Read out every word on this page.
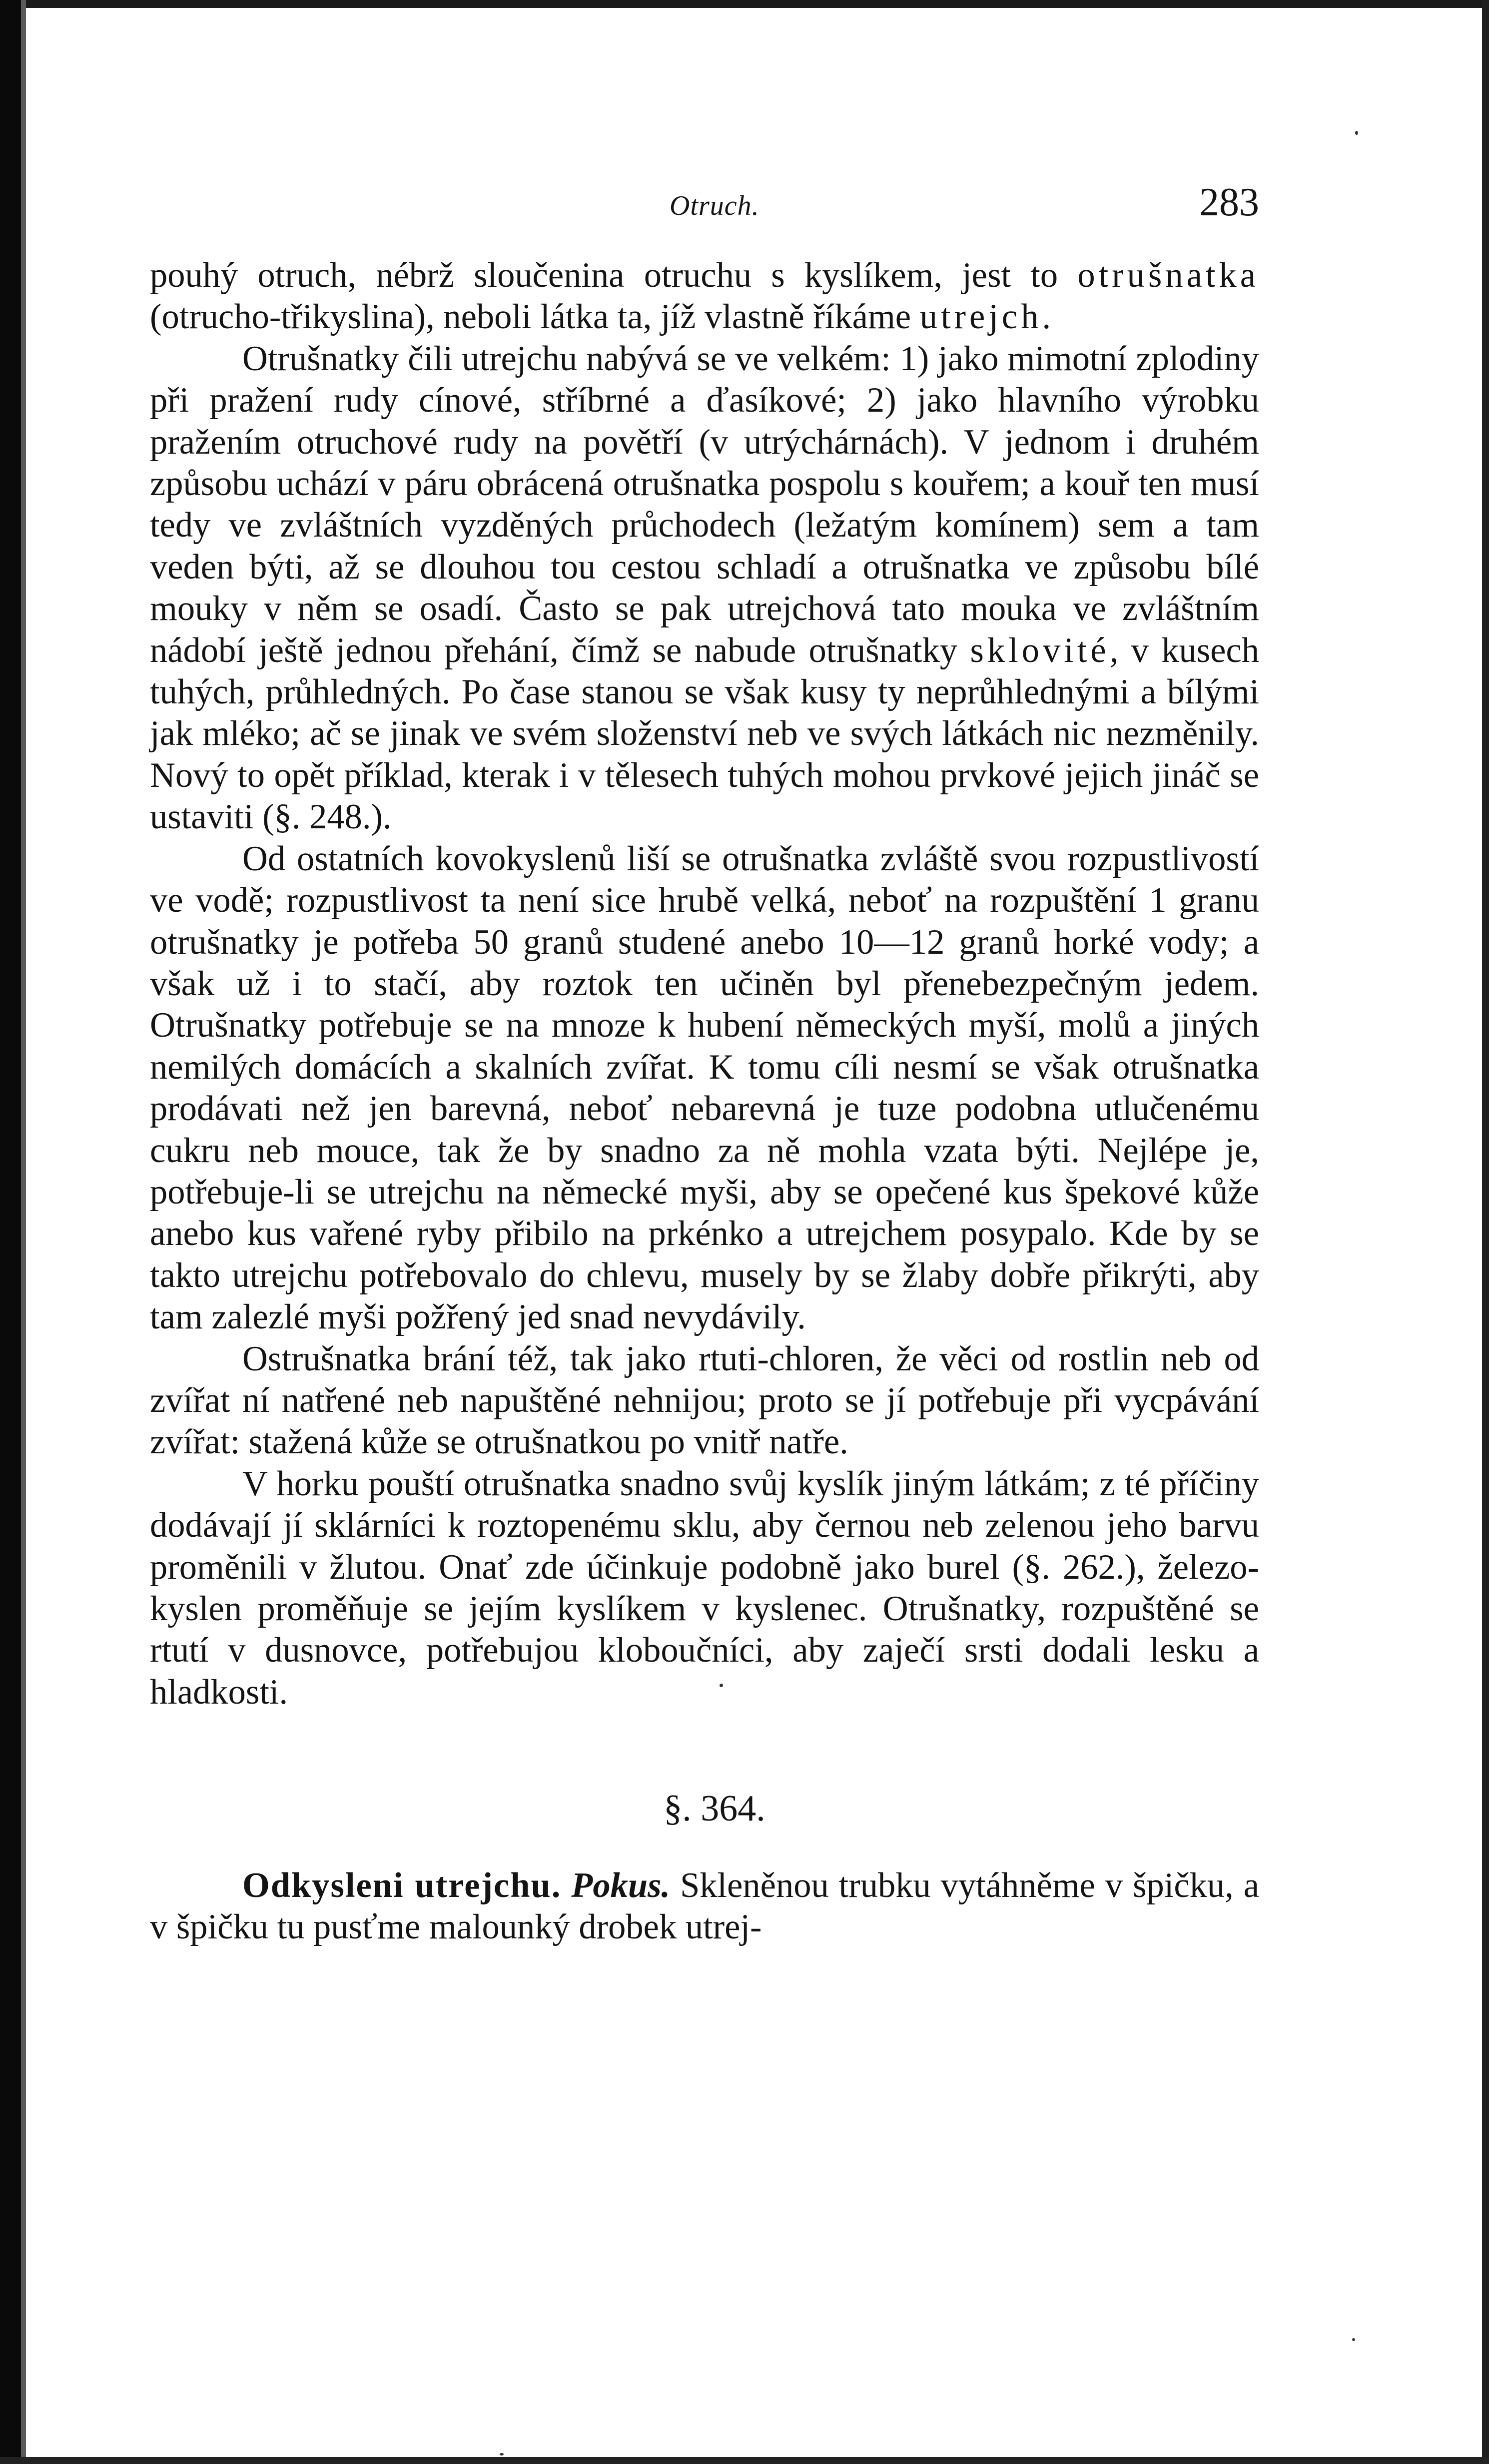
Otruch.	283

pouhý otruch, nébrž sloučenina otruchu s kyslíkem, jest to otrušnatka (otrucho-třikyslina), neboli látka ta, jíž vlastně říkáme utrejch.

Otrušnatky čili utrejchu nabývá se ve velkém: 1) jako mimotní zplodiny při pražení rudy cínové, stříbrné a ďasíkové; 2) jako hlavního výrobku pražením otruchové rudy na povětří (v utrýchárnách). V jednom i druhém způsobu uchází v páru obrácená otrušnatka pospolu s kouřem; a kouř ten musí tedy ve zvláštních vyzděných průchodech (ležatým komínem) sem a tam veden býti, až se dlouhou tou cestou schladí a otrušnatka ve způsobu bílé mouky v něm se osadí. Často se pak utrejchová tato mouka ve zvláštním nádobí ještě jednou přehání, čímž se nabude otrušnatky sklovité, v kusech tuhých, průhledných. Po čase stanou se však kusy ty neprůhlednými a bílými jak mléko; ač se jinak ve svém složenství neb ve svých látkách nic nezměnily. Nový to opět příklad, kterak i v tělesech tuhých mohou prvkové jejich jináč se ustaviti (§. 248.).

Od ostatních kovokyslenů liší se otrušnatka zvláště svou rozpustlivostí ve vodě; rozpustlivost ta není sice hrubě velká, neboť na rozpuštění 1 granu otrušnatky je potřeba 50 granů studené anebo 10—12 granů horké vody; a však už i to stačí, aby roztok ten učiněn byl přenebezpečným jedem. Otrušnatky potřebuje se na mnoze k hubení německých myší, molů a jiných nemilých domácích a skalních zvířat. K tomu cíli nesmí se však otrušnatka prodávati než jen barevná, neboť nebarevná je tuze podobna utlučenému cukru neb mouce, tak že by snadno za ně mohla vzata býti. Nejlépe je, potřebuje-li se utrejchu na německé myši, aby se opečené kus špekové kůže anebo kus vařené ryby přibilo na prkénko a utrejchem posypalo. Kde by se takto utrejchu potřebovalo do chlevu, musely by se žlaby dobře přikrýti, aby tam zalezlé myši požřený jed snad nevydávily.

Ostrušnatka brání též, tak jako rtuti-chloren, že věci od rostlin neb od zvířat ní natřené neb napuštěné nehnijou; proto se jí potřebuje při vycpávání zvířat: stažená kůže se otrušnatkou po vnitř natře.

V horku pouští otrušnatka snadno svůj kyslík jiným látkám; z té příčiny dodávají jí sklárníci k roztopenému sklu, aby černou neb zelenou jeho barvu proměnili v žlutou. Onať zde účinkuje podobně jako burel (§. 262.), železo-kyslen proměňuje se jejím kyslíkem v kyslenec. Otrušnatky, rozpuštěné se rtutí v dusnovce, potřebujou kloboučníci, aby zaječí srsti dodali lesku a hladkosti.

§. 364.

Odkysleni utrejchu. Pokus. Skleněnou trubku vytáhněme v špičku, a v špičku tu pusťme malounký drobek utrej-
